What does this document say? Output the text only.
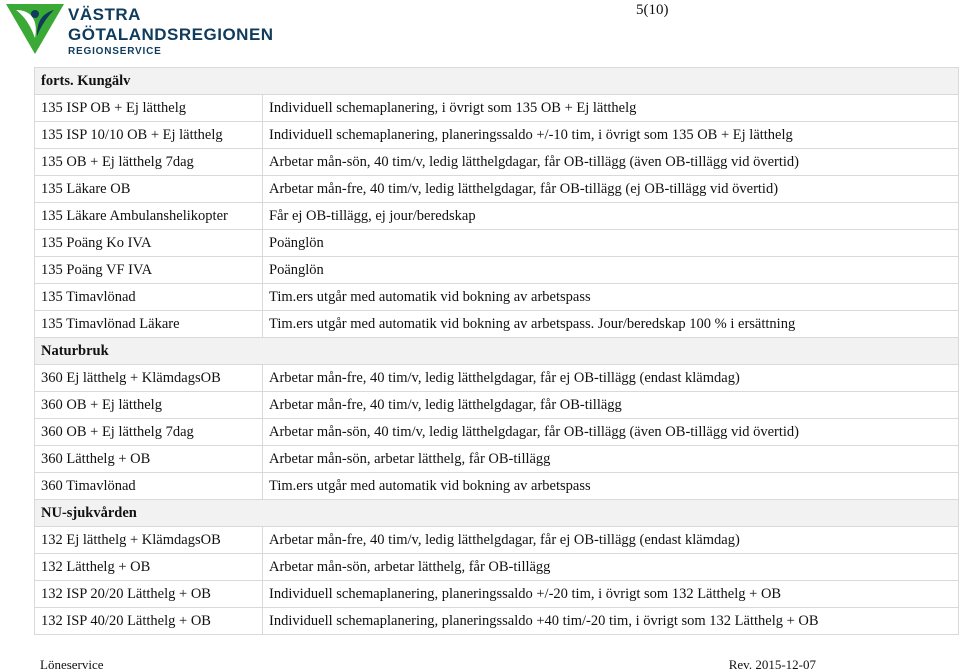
VÄSTRA
GÖTALANDSREGIONEN
REGIONSERVICE
5(10)
forts. Kungälv	
135 ISP OB + Ej lätthelg	Individuell schemaplanering, i övrigt som 135 OB + Ej lätthelg
135 ISP 10/10 OB + Ej lätthelg	Individuell schemaplanering, planeringssaldo +/-10 tim, i övrigt som 135 OB + Ej lätthelg
135 OB + Ej lätthelg 7dag	Arbetar mån-sön, 40 tim/v, ledig lätthelgdagar, får OB-tillägg (även OB-tillägg vid övertid)
135 Läkare OB	Arbetar mån-fre, 40 tim/v, ledig lätthelgdagar, får OB-tillägg (ej OB-tillägg vid övertid)
135 Läkare Ambulanshelikopter	Får ej OB-tillägg, ej jour/beredskap
135 Poäng Ko IVA	Poänglön
135 Poäng VF IVA	Poänglön
135 Timavlönad	Tim.ers utgår med automatik vid bokning av arbetspass
135 Timavlönad Läkare	Tim.ers utgår med automatik vid bokning av arbetspass. Jour/beredskap 100 % i ersättning
Naturbruk	
360 Ej lätthelg + KlämdagsOB	Arbetar mån-fre, 40 tim/v, ledig lätthelgdagar, får ej OB-tillägg (endast klämdag)
360 OB + Ej lätthelg	Arbetar mån-fre, 40 tim/v, ledig lätthelgdagar, får OB-tillägg
360 OB + Ej lätthelg 7dag	Arbetar mån-sön, 40 tim/v, ledig lätthelgdagar, får OB-tillägg (även OB-tillägg vid övertid)
360 Lätthelg + OB	Arbetar mån-sön, arbetar lätthelg, får OB-tillägg
360 Timavlönad	Tim.ers utgår med automatik vid bokning av arbetspass
NU-sjukvården	
132 Ej lätthelg + KlämdagsOB	Arbetar mån-fre, 40 tim/v, ledig lätthelgdagar, får ej OB-tillägg (endast klämdag)
132 Lätthelg + OB	Arbetar mån-sön, arbetar lätthelg, får OB-tillägg
132 ISP 20/20 Lätthelg + OB	Individuell schemaplanering, planeringssaldo +/-20 tim, i övrigt som 132 Lätthelg + OB
132 ISP 40/20 Lätthelg + OB	Individuell schemaplanering, planeringssaldo +40 tim/-20 tim, i övrigt som 132 Lätthelg + OB
Löneservice	Rev. 2015-12-07
